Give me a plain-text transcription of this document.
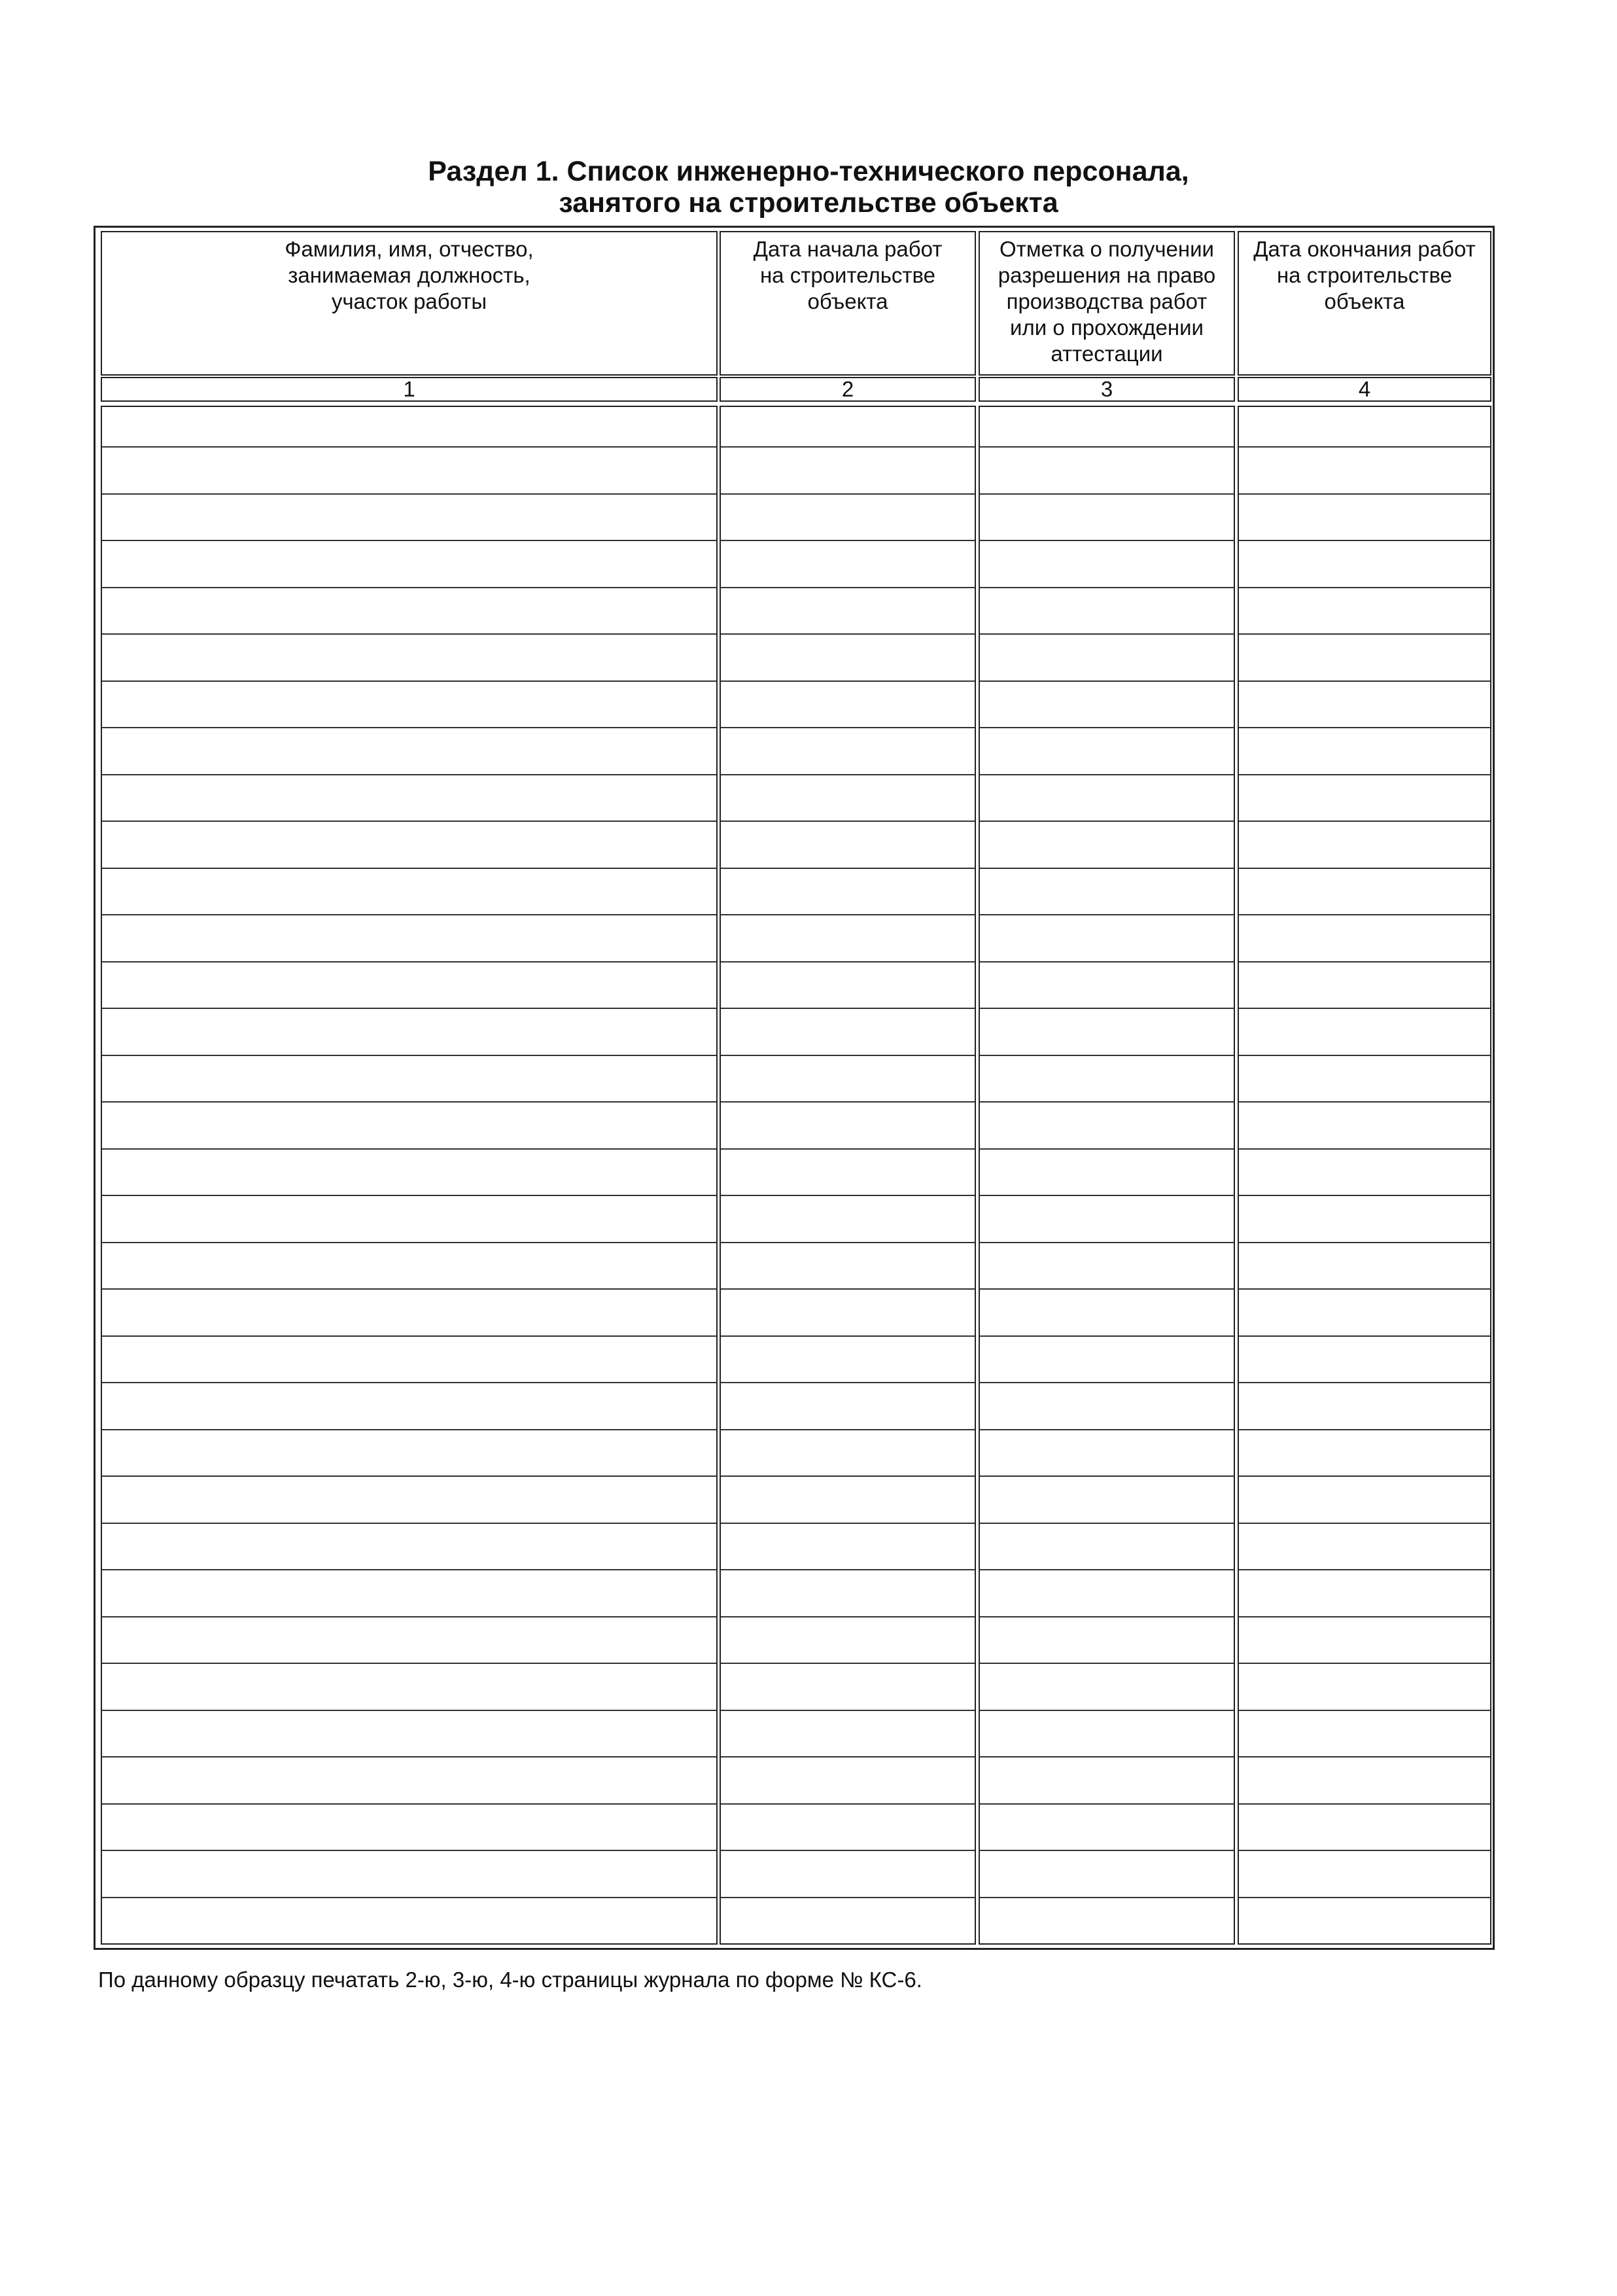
Раздел 1. Список инженерно-технического персонала,
занятого на строительстве объекта
Фамилия, имя, отчество,
занимаемая должность,
участок работы
1
Дата начала работ
на строительстве
объекта
2
Отметка о получении
разрешения на право
производства работ
или о прохождении
аттестации
3
Дата окончания работ
на строительстве
объекта
4

По данному образцу печатать 2-ю, 3-ю, 4-ю страницы журнала по форме № КС-6.
